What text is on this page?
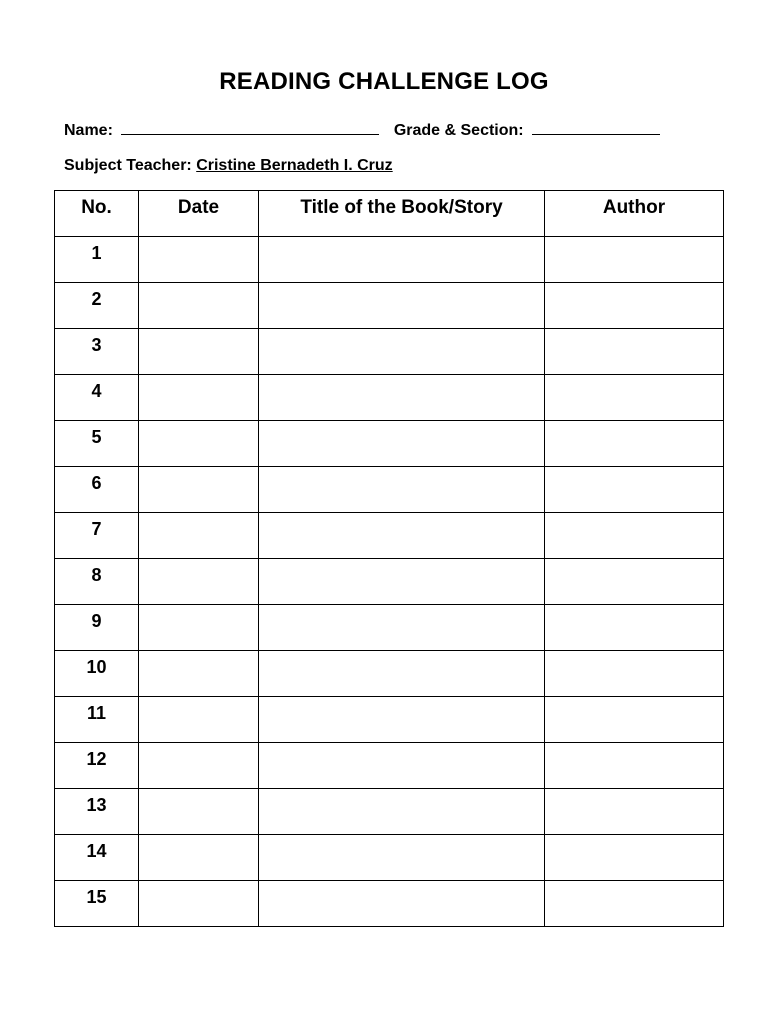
READING CHALLENGE LOG
Name:	Grade & Section:
Subject Teacher: Cristine Bernadeth I. Cruz
No.	Date	Title of the Book/Story	Author
1			
2			
3			
4			
5			
6			
7			
8			
9			
10			
11			
12			
13			
14			
15			
